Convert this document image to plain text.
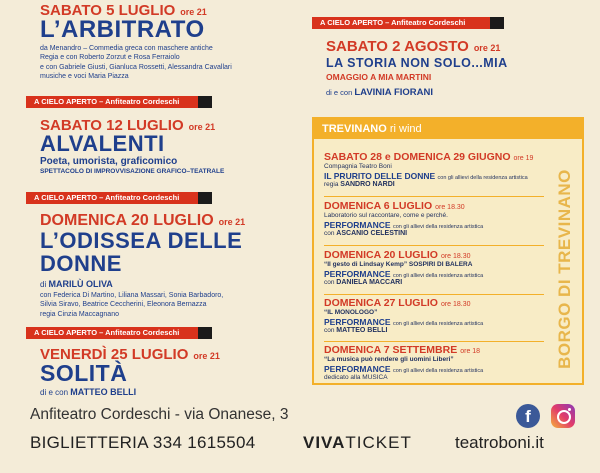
SABATO 5 LUGLIO ore 21
L’ARBITRATO
da Menandro – Commedia greca con maschere antiche
Regia e con Roberto Zorzut e Rosa Ferraiolo
e con Gabriele Giusti, Gianluca Rossetti, Alessandra Cavallari
musiche e voci Maria Piazza
A CIELO APERTO – Anfiteatro Cordeschi
SABATO 12 LUGLIO ore 21
ALVALENTI
Poeta, umorista, graficomico
SPETTACOLO DI IMPROVVISAZIONE GRAFICO–TEATRALE
A CIELO APERTO – Anfiteatro Cordeschi
DOMENICA 20 LUGLIO ore 21
L’ODISSEA DELLE
DONNE
di MARILÙ OLIVA
con Federica Di Martino, Liliana Massari, Sonia Barbadoro,
Silvia Siravo, Beatrice Ceccherini, Eleonora Bernazza
regia Cinzia Maccagnano
A CIELO APERTO – Anfiteatro Cordeschi
VENERDÌ 25 LUGLIO ore 21
SOLITÀ
di e con MATTEO BELLI
A CIELO APERTO – Anfiteatro Cordeschi
SABATO 2 AGOSTO ore 21
LA STORIA NON SOLO...MIA
OMAGGIO A MIA MARTINI
di e con LAVINIA FIORANI
TREVINANO ri wind
BORGO DI TREVINANO
SABATO 28 e DOMENICA 29 GIUGNO ore 19
Compagnia Teatro Boni
IL PRURITO DELLE DONNE con gli allievi della residenza artistica
regia SANDRO NARDI
DOMENICA 6 LUGLIO ore 18.30
Laboratorio sul raccontare, come e perché.
PERFORMANCE con gli allievi della residenza artistica
con ASCANIO CELESTINI
DOMENICA 20 LUGLIO ore 18.30
“Il gesto di Lindsay Kemp” SOSPIRI DI BALERA
PERFORMANCE con gli allievi della residenza artistica
con DANIELA MACCARI
DOMENICA 27 LUGLIO ore 18.30
“IL MONOLOGO”
PERFORMANCE con gli allievi della residenza artistica
con MATTEO BELLI
DOMENICA 7 SETTEMBRE ore 18
“La musica può rendere gli uomini Liberi”
PERFORMANCE con gli allievi della residenza artistica
dedicato alla MUSICA
Anfiteatro Cordeschi - via Onanese, 3
BIGLIETTERIA 334 1615504	VIVATICKET	teatroboni.it
f
